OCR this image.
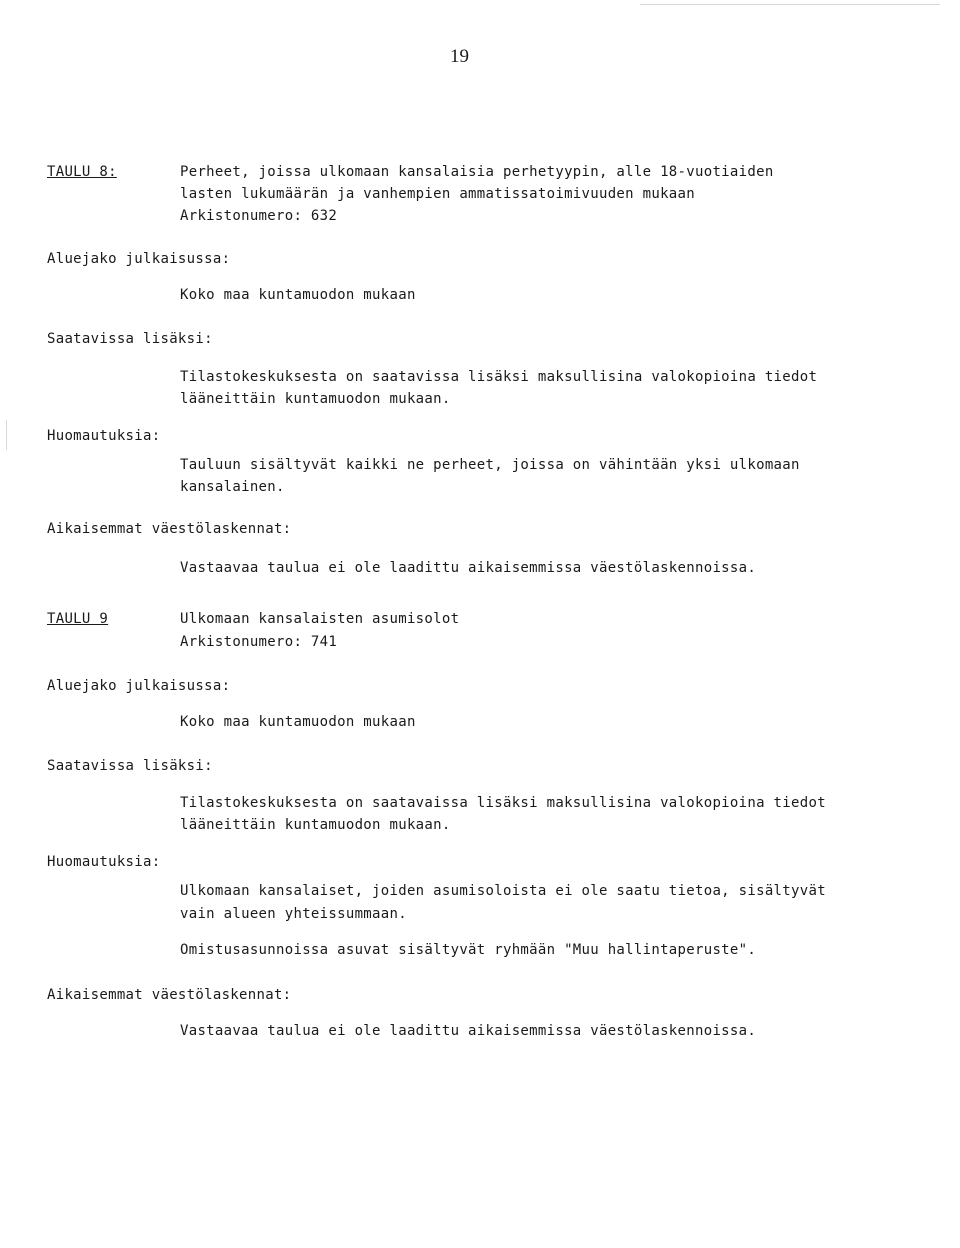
19
TAULU 8:	Perheet, joissa ulkomaan kansalaisia perhetyypin, alle 18-vuotiaiden
lasten lukumäärän ja vanhempien ammatissatoimivuuden mukaan
Arkistonumero: 632
Aluejako julkaisussa:
Koko maa kuntamuodon mukaan
Saatavissa lisäksi:
Tilastokeskuksesta on saatavissa lisäksi maksullisina valokopioina tiedot
lääneittäin kuntamuodon mukaan.
Huomautuksia:
Tauluun sisältyvät kaikki ne perheet, joissa on vähintään yksi ulkomaan
kansalainen.
Aikaisemmat väestölaskennat:
Vastaavaa taulua ei ole laadittu aikaisemmissa väestölaskennoissa.
TAULU 9	Ulkomaan kansalaisten asumisolot
Arkistonumero: 741
Aluejako julkaisussa:
Koko maa kuntamuodon mukaan
Saatavissa lisäksi:
Tilastokeskuksesta on saatavaissa lisäksi maksullisina valokopioina tiedot
lääneittäin kuntamuodon mukaan.
Huomautuksia:
Ulkomaan kansalaiset, joiden asumisoloista ei ole saatu tietoa, sisältyvät
vain alueen yhteissummaan.
Omistusasunnoissa asuvat sisältyvät ryhmään "Muu hallintaperuste".
Aikaisemmat väestölaskennat:
Vastaavaa taulua ei ole laadittu aikaisemmissa väestölaskennoissa.
